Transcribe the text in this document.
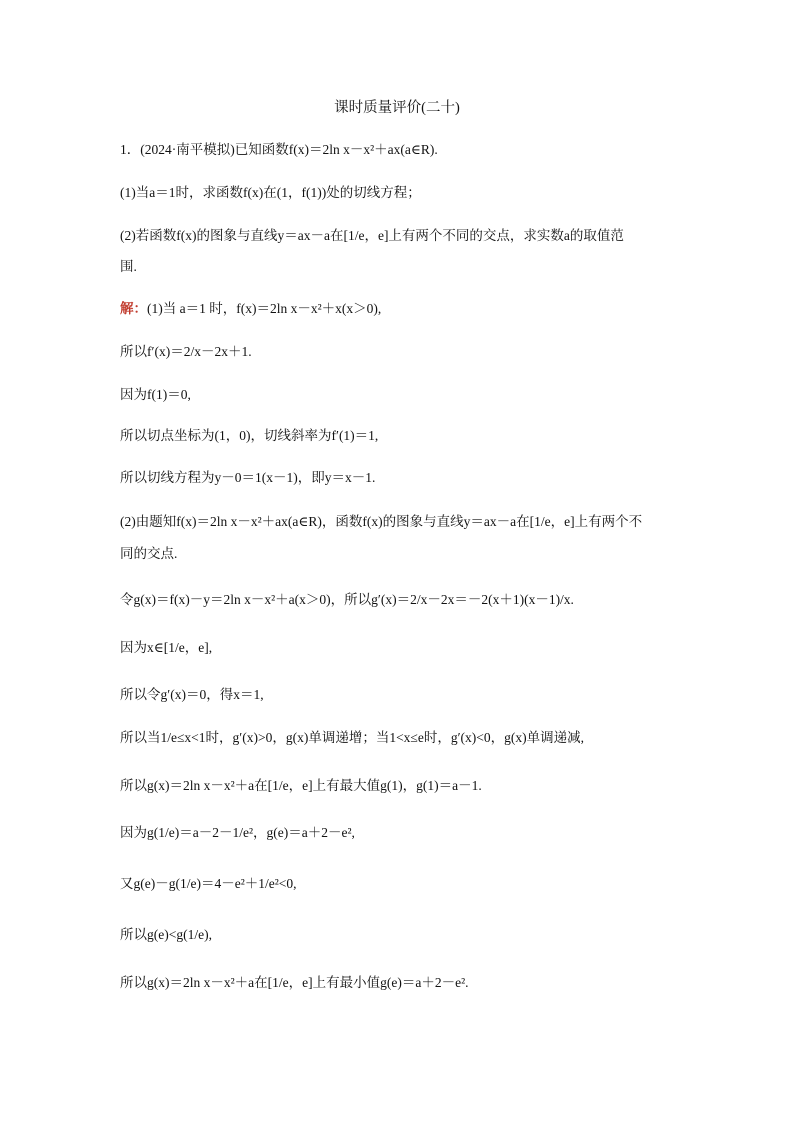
课时质量评价(二十)
1．(2024·南平模拟)已知函数f(x)＝2ln x－x²＋ax(a∈R).
(1)当a＝1时，求函数f(x)在(1，f(1))处的切线方程；
(2)若函数f(x)的图象与直线y＝ax－a在[1/e，e]上有两个不同的交点，求实数a的取值范
围.
解：(1)当 a＝1 时，f(x)＝2ln x－x²＋x(x＞0),
所以f′(x)＝2/x－2x＋1.
因为f(1)＝0,
所以切点坐标为(1，0)，切线斜率为f′(1)＝1,
所以切线方程为y－0＝1(x－1)，即y＝x－1.
(2)由题知f(x)＝2ln x－x²＋ax(a∈R)，函数f(x)的图象与直线y＝ax－a在[1/e，e]上有两个不
同的交点.
令g(x)＝f(x)－y＝2ln x－x²＋a(x＞0)，所以g′(x)＝2/x－2x＝－2(x＋1)(x－1)/x.
因为x∈[1/e，e],
所以令g′(x)＝0，得x＝1,
所以当1/e≤x<1时，g′(x)>0，g(x)单调递增；当1<x≤e时，g′(x)<0，g(x)单调递减,
所以g(x)＝2ln x－x²＋a在[1/e，e]上有最大值g(1)，g(1)＝a－1.
因为g(1/e)＝a－2－1/e²，g(e)＝a＋2－e²,
又g(e)－g(1/e)＝4－e²＋1/e²<0,
所以g(e)<g(1/e),
所以g(x)＝2ln x－x²＋a在[1/e，e]上有最小值g(e)＝a＋2－e².
